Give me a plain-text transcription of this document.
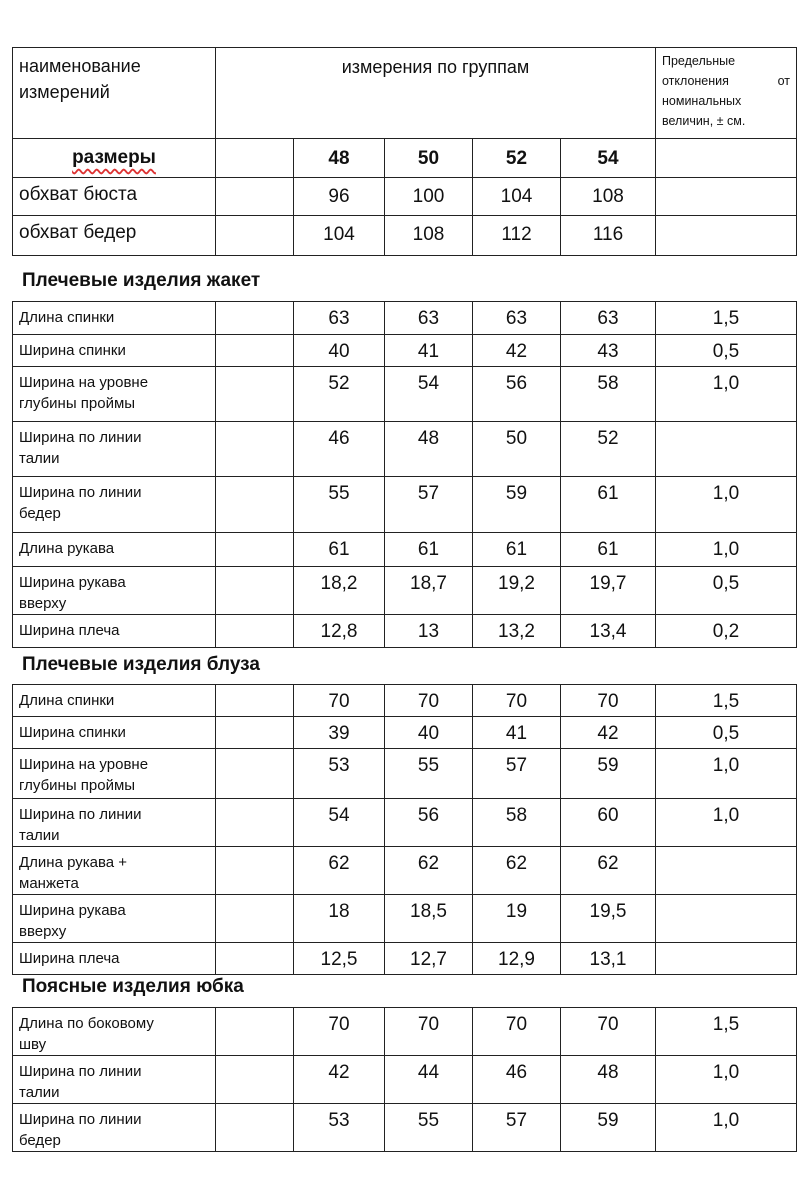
наименование измерений	измерения по группам					Предельные отклонения от номинальных величин, ± см.
размеры		48	50	52	54	
обхват бюста		96	100	104	108	
обхват бедер		104	108	112	116	
Плечевые изделия жакет
Длина спинки		63	63	63	63	1,5
Ширина спинки		40	41	42	43	0,5
Ширина на уровне глубины проймы		52	54	56	58	1,0
Ширина по линии талии		46	48	50	52	
Ширина по линии бедер		55	57	59	61	1,0
Длина рукава		61	61	61	61	1,0
Ширина рукава вверху		18,2	18,7	19,2	19,7	0,5
Ширина плеча		12,8	13	13,2	13,4	0,2
Плечевые изделия блуза
Длина спинки		70	70	70	70	1,5
Ширина спинки		39	40	41	42	0,5
Ширина на уровне глубины проймы		53	55	57	59	1,0
Ширина по линии талии		54	56	58	60	1,0
Длина рукава + манжета		62	62	62	62	
Ширина рукава вверху		18	18,5	19	19,5	
Ширина плеча		12,5	12,7	12,9	13,1	
Поясные изделия юбка
Длина по боковому шву		70	70	70	70	1,5
Ширина по линии талии		42	44	46	48	1,0
Ширина по линии бедер		53	55	57	59	1,0
